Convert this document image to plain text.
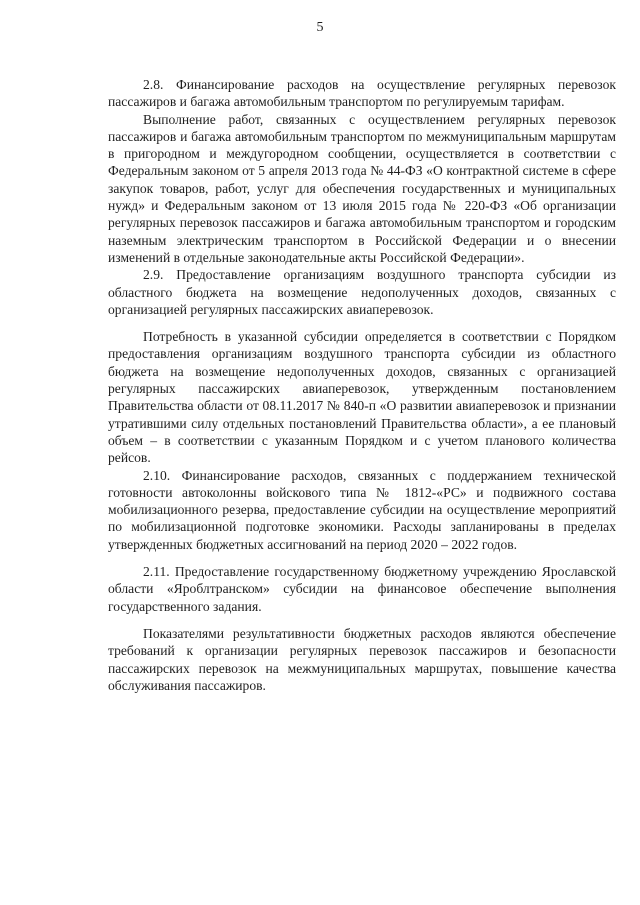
5

2.8. Финансирование расходов на осуществление регулярных перевозок пассажиров и багажа автомобильным транспортом по регулируемым тарифам.

Выполнение работ, связанных с осуществлением регулярных перевозок пассажиров и багажа автомобильным транспортом по межмуниципальным маршрутам в пригородном и междугородном сообщении, осуществляется в соответствии с Федеральным законом от 5 апреля 2013 года № 44-ФЗ «О контрактной системе в сфере закупок товаров, работ, услуг для обеспечения государственных и муниципальных нужд» и Федеральным законом от 13 июля 2015 года № 220-ФЗ «Об организации регулярных перевозок пассажиров и багажа автомобильным транспортом и городским наземным электрическим транспортом в Российской Федерации и о внесении изменений в отдельные законодательные акты Российской Федерации».

2.9. Предоставление организациям воздушного транспорта субсидии из областного бюджета на возмещение недополученных доходов, связанных с организацией регулярных пассажирских авиаперевозок.

Потребность в указанной субсидии определяется в соответствии с Порядком предоставления организациям воздушного транспорта субсидии из областного бюджета на возмещение недополученных доходов, связанных с организацией регулярных пассажирских авиаперевозок, утвержденным постановлением Правительства области от 08.11.2017 № 840-п «О развитии авиаперевозок и признании утратившими силу отдельных постановлений Правительства области», а ее плановый объем – в соответствии с указанным Порядком и с учетом планового количества рейсов.

2.10. Финансирование расходов, связанных с поддержанием технической готовности автоколонны войскового типа № 1812-«РС» и подвижного состава мобилизационного резерва, предоставление субсидии на осуществление мероприятий по мобилизационной подготовке экономики. Расходы запланированы в пределах утвержденных бюджетных ассигнований на период 2020 – 2022 годов.

2.11. Предоставление государственному бюджетному учреждению Ярославской области «Яроблтранском» субсидии на финансовое обеспечение выполнения государственного задания.

Показателями результативности бюджетных расходов являются обеспечение требований к организации регулярных перевозок пассажиров и безопасности пассажирских перевозок на межмуниципальных маршрутах, повышение качества обслуживания пассажиров.
